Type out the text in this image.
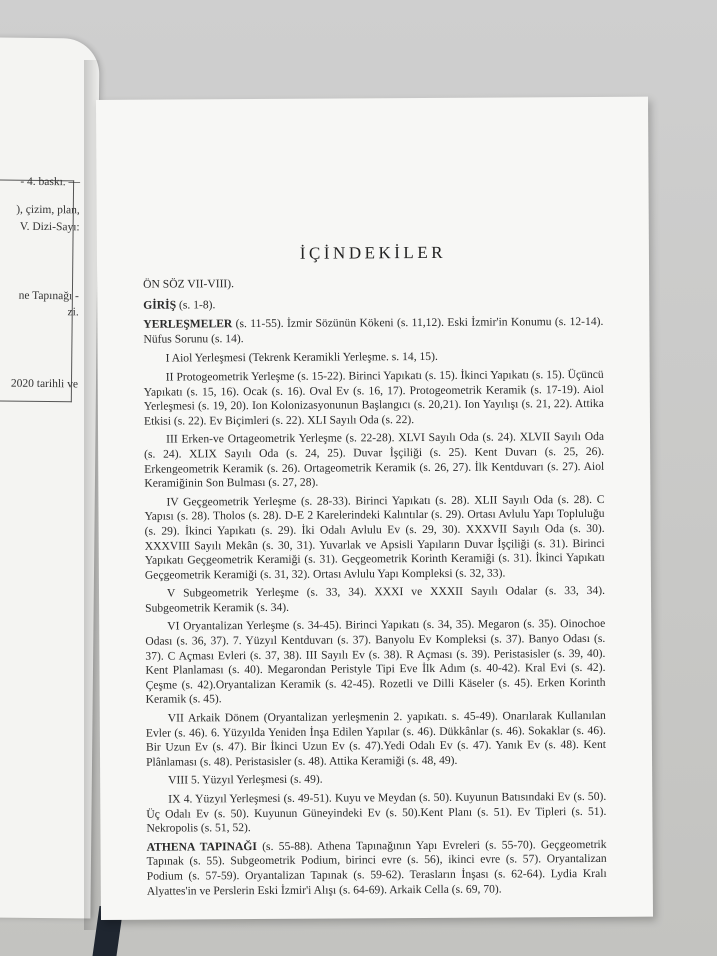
- 4. baskı. —
), çizim, plan,
V. Dizi-Sayı:
ne Tapınağı -
zi.
2020 tarihli ve
İÇİNDEKİLER

ÖN SÖZ VII-VIII).

GİRİŞ (s. 1-8).

YERLEŞMELER (s. 11-55). İzmir Sözünün Kökeni (s. 11,12). Eski İzmir'in Konumu (s. 12-14). Nüfus Sorunu (s. 14).

I Aiol Yerleşmesi (Tekrenk Keramikli Yerleşme. s. 14, 15).

II Protogeometrik Yerleşme (s. 15-22). Birinci Yapıkatı (s. 15). İkinci Yapıkatı (s. 15). Üçüncü Yapıkatı (s. 15, 16). Ocak (s. 16). Oval Ev (s. 16, 17). Protogeometrik Keramik (s. 17-19). Aiol Yerleşmesi (s. 19, 20). Ion Kolonizasyonunun Başlangıcı (s. 20,21). Ion Yayılışı (s. 21, 22). Attika Etkisi (s. 22). Ev Biçimleri (s. 22). XLI Sayılı Oda (s. 22).

III Erken-ve Ortageometrik Yerleşme (s. 22-28). XLVI Sayılı Oda (s. 24). XLVII Sayılı Oda (s. 24). XLIX Sayılı Oda (s. 24, 25). Duvar İşçiliği (s. 25). Kent Duvarı (s. 25, 26). Erkengeometrik Keramik (s. 26). Ortageometrik Keramik (s. 26, 27). İlk Kentduvarı (s. 27). Aiol Keramiğinin Son Bulması (s. 27, 28).

IV Geçgeometrik Yerleşme (s. 28-33). Birinci Yapıkatı (s. 28). XLII Sayılı Oda (s. 28). C Yapısı (s. 28). Tholos (s. 28). D-E 2 Karelerindeki Kalıntılar (s. 29). Ortası Avlulu Yapı Topluluğu (s. 29). İkinci Yapıkatı (s. 29). İki Odalı Avlulu Ev (s. 29, 30). XXXVII Sayılı Oda (s. 30). XXXVIII Sayılı Mekân (s. 30, 31). Yuvarlak ve Apsisli Yapıların Duvar İşçiliği (s. 31). Birinci Yapıkatı Geçgeometrik Keramiği (s. 31). Geçgeometrik Korinth Keramiği (s. 31). İkinci Yapıkatı Geçgeometrik Keramiği (s. 31, 32). Ortası Avlulu Yapı Kompleksi (s. 32, 33).

V Subgeometrik Yerleşme (s. 33, 34). XXXI ve XXXII Sayılı Odalar (s. 33, 34). Subgeometrik Keramik (s. 34).

VI Oryantalizan Yerleşme (s. 34-45). Birinci Yapıkatı (s. 34, 35). Megaron (s. 35). Oinochoe Odası (s. 36, 37). 7. Yüzyıl Kentduvarı (s. 37). Banyolu Ev Kompleksi (s. 37). Banyo Odası (s. 37). C Açması Evleri (s. 37, 38). III Sayılı Ev (s. 38). R Açması (s. 39). Peristasisler (s. 39, 40). Kent Planlaması (s. 40). Megarondan Peristyle Tipi Eve İlk Adım (s. 40-42). Kral Evi (s. 42). Çeşme (s. 42).Oryantalizan Keramik (s. 42-45). Rozetli ve Dilli Käseler (s. 45). Erken Korinth Keramik (s. 45).

VII Arkaik Dönem (Oryantalizan yerleşmenin 2. yapıkatı. s. 45-49). Onarılarak Kullanılan Evler (s. 46). 6. Yüzyılda Yeniden İnşa Edilen Yapılar (s. 46). Dükkânlar (s. 46). Sokaklar (s. 46). Bir Uzun Ev (s. 47). Bir İkinci Uzun Ev (s. 47).Yedi Odalı Ev (s. 47). Yanık Ev (s. 48). Kent Plânlaması (s. 48). Peristasisler (s. 48). Attika Keramiği (s. 48, 49).

VIII 5. Yüzyıl Yerleşmesi (s. 49).

IX 4. Yüzyıl Yerleşmesi (s. 49-51). Kuyu ve Meydan (s. 50). Kuyunun Batısındaki Ev (s. 50). Üç Odalı Ev (s. 50). Kuyunun Güneyindeki Ev (s. 50).Kent Planı (s. 51). Ev Tipleri (s. 51). Nekropolis (s. 51, 52).

ATHENA TAPINAĞI (s. 55-88). Athena Tapınağının Yapı Evreleri (s. 55-70). Geçgeometrik Tapınak (s. 55). Subgeometrik Podium, birinci evre (s. 56), ikinci evre (s. 57). Oryantalizan Podium (s. 57-59). Oryantalizan Tapınak (s. 59-62). Terasların İnşası (s. 62-64). Lydia Kralı Alyattes'in ve Perslerin Eski İzmir'i Alışı (s. 64-69). Arkaik Cella (s. 69, 70).
